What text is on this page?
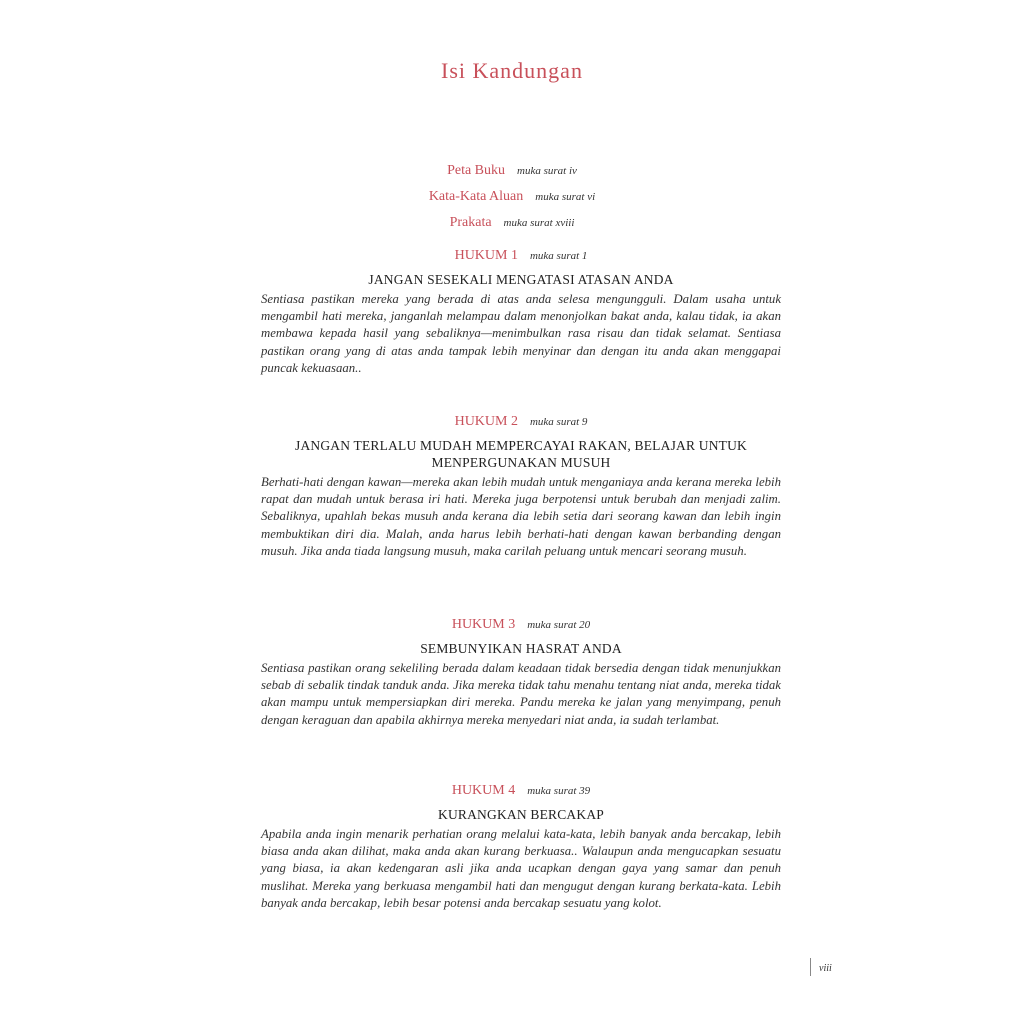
Isi Kandungan
Peta Buku muka surat iv
Kata-Kata Aluan muka surat vi
Prakata muka surat xviii
HUKUM 1 muka surat 1
JANGAN SESEKALI MENGATASI ATASAN ANDA
Sentiasa pastikan mereka yang berada di atas anda selesa mengungguli. Dalam usaha untuk mengambil hati mereka, janganlah melampau dalam menonjolkan bakat anda, kalau tidak, ia akan membawa kepada hasil yang sebaliknya—menimbulkan rasa risau dan tidak selamat. Sentiasa pastikan orang yang di atas anda tampak lebih menyinar dan dengan itu anda akan menggapai puncak kekuasaan..
HUKUM 2 muka surat 9
JANGAN TERLALU MUDAH MEMPERCAYAI RAKAN, BELAJAR UNTUK MENPERGUNAKAN MUSUH
Berhati-hati dengan kawan—mereka akan lebih mudah untuk menganiaya anda kerana mereka lebih rapat dan mudah untuk berasa iri hati. Mereka juga berpotensi untuk berubah dan menjadi zalim. Sebaliknya, upahlah bekas musuh anda kerana dia lebih setia dari seorang kawan dan lebih ingin membuktikan diri dia. Malah, anda harus lebih berhati-hati dengan kawan berbanding dengan musuh. Jika anda tiada langsung musuh, maka carilah peluang untuk mencari seorang musuh.
HUKUM 3 muka surat 20
SEMBUNYIKAN HASRAT ANDA
Sentiasa pastikan orang sekeliling berada dalam keadaan tidak bersedia dengan tidak menunjukkan sebab di sebalik tindak tanduk anda. Jika mereka tidak tahu menahu tentang niat anda, mereka tidak akan mampu untuk mempersiapkan diri mereka. Pandu mereka ke jalan yang menyimpang, penuh dengan keraguan dan apabila akhirnya mereka menyedari niat anda, ia sudah terlambat.
HUKUM 4 muka surat 39
KURANGKAN BERCAKAP
Apabila anda ingin menarik perhatian orang melalui kata-kata, lebih banyak anda bercakap, lebih biasa anda akan dilihat, maka anda akan kurang berkuasa.. Walaupun anda mengucapkan sesuatu yang biasa, ia akan kedengaran asli jika anda ucapkan dengan gaya yang samar dan penuh muslihat. Mereka yang berkuasa mengambil hati dan mengugut dengan kurang berkata-kata. Lebih banyak anda bercakap, lebih besar potensi anda bercakap sesuatu yang kolot.
viii
